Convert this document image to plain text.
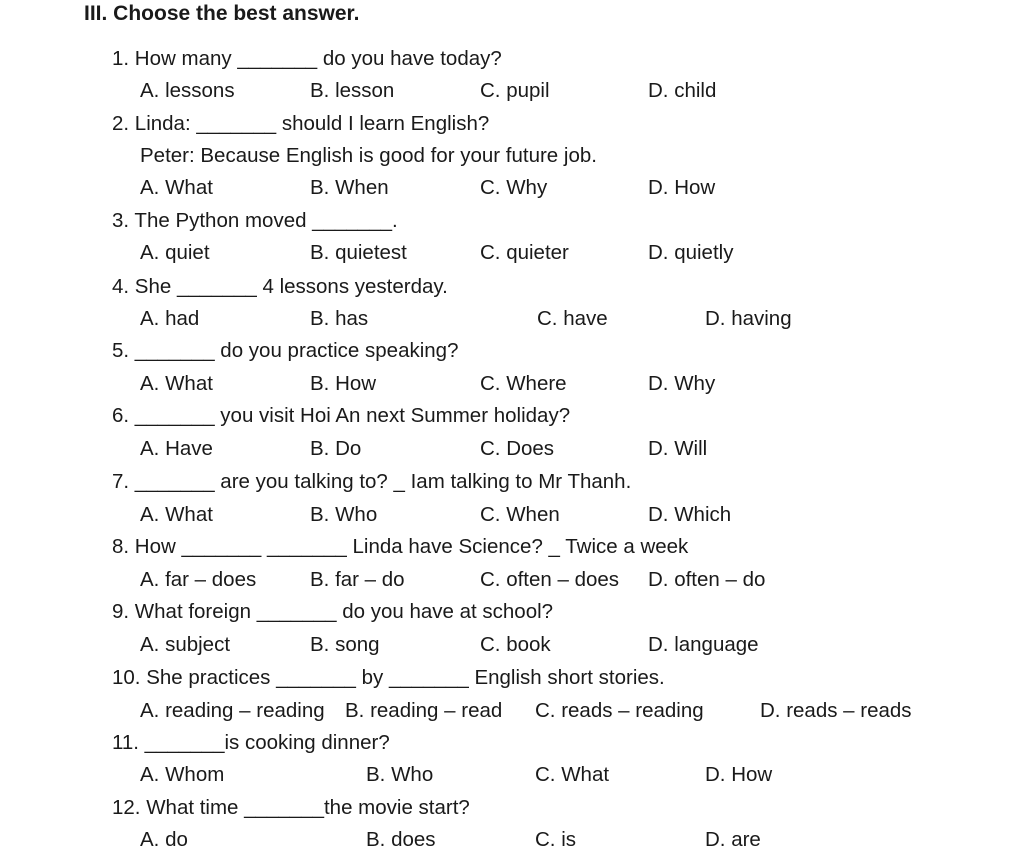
III. Choose the best answer.
1. How many _______ do you have today?
A. lessons	B. lesson	C. pupil	D. child
2. Linda: _______ should I learn English?
Peter: Because English is good for your future job.
A. What	B. When	C. Why	D. How
3. The Python moved _______.
A. quiet	B. quietest	C. quieter	D. quietly
4. She _______ 4 lessons yesterday.
A. had	B. has	C. have	D. having
5. _______ do you practice speaking?
A. What	B. How	C. Where	D. Why
6. _______ you visit Hoi An next Summer holiday?
A. Have	B. Do	C. Does	D. Will
7. _______ are you talking to? _ Iam talking to Mr Thanh.
A. What	B. Who	C. When	D. Which
8. How _______ _______ Linda have Science? _ Twice a week
A. far – does	B. far – do	C. often – does D. often – do
9. What foreign _______ do you have at school?
A. subject	B. song	C. book	D. language
10. She practices _______ by _______ English short stories.
A. reading – reading B. reading – read C. reads – reading	D. reads – reads
11. _______is cooking dinner?
A. Whom	B. Who	C. What	D. How
12. What time _______the movie start?
A. do	B. does	C. is	D. are
